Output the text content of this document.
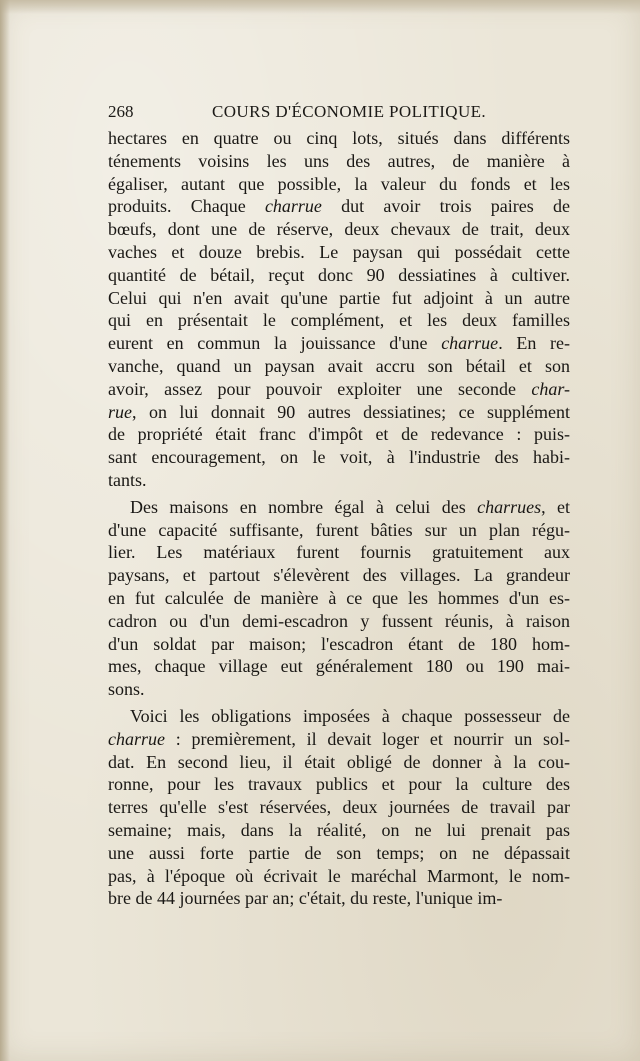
268	COURS D'ÉCONOMIE POLITIQUE.
hectares en quatre ou cinq lots, situés dans différents
ténements voisins les uns des autres, de manière à
égaliser, autant que possible, la valeur du fonds et les
produits. Chaque charrue dut avoir trois paires de
bœufs, dont une de réserve, deux chevaux de trait, deux
vaches et douze brebis. Le paysan qui possédait cette
quantité de bétail, reçut donc 90 dessiatines à cultiver.
Celui qui n'en avait qu'une partie fut adjoint à un autre
qui en présentait le complément, et les deux familles
eurent en commun la jouissance d'une charrue. En re-
vanche, quand un paysan avait accru son bétail et son
avoir, assez pour pouvoir exploiter une seconde char-
rue, on lui donnait 90 autres dessiatines; ce supplément
de propriété était franc d'impôt et de redevance : puis-
sant encouragement, on le voit, à l'industrie des habi-
tants.
Des maisons en nombre égal à celui des charrues, et
d'une capacité suffisante, furent bâties sur un plan régu-
lier. Les matériaux furent fournis gratuitement aux
paysans, et partout s'élevèrent des villages. La grandeur
en fut calculée de manière à ce que les hommes d'un es-
cadron ou d'un demi-escadron y fussent réunis, à raison
d'un soldat par maison; l'escadron étant de 180 hom-
mes, chaque village eut généralement 180 ou 190 mai-
sons.
Voici les obligations imposées à chaque possesseur de
charrue : premièrement, il devait loger et nourrir un sol-
dat. En second lieu, il était obligé de donner à la cou-
ronne, pour les travaux publics et pour la culture des
terres qu'elle s'est réservées, deux journées de travail par
semaine; mais, dans la réalité, on ne lui prenait pas
une aussi forte partie de son temps; on ne dépassait
pas, à l'époque où écrivait le maréchal Marmont, le nom-
bre de 44 journées par an; c'était, du reste, l'unique im-
